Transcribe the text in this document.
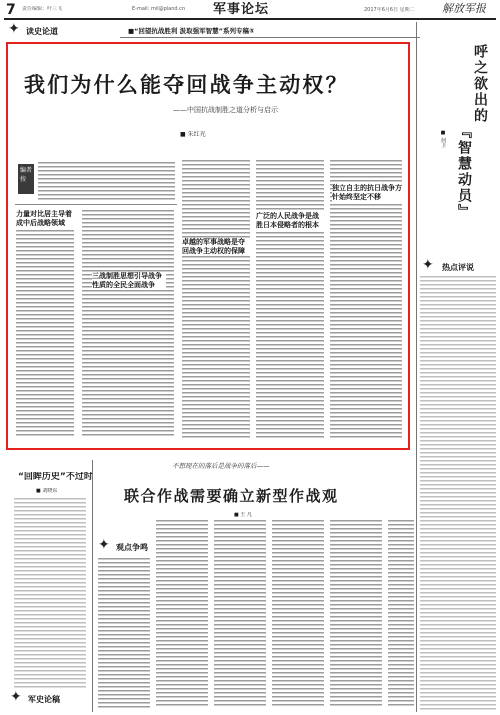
7 责任编辑：叶三飞	E-mail: mil@pland.cn 军事论坛	2017年6月6日 星期二 解放军报
✦ 读史论道	■“回望抗战胜利 汲取强军智慧”系列专稿⑤
我们为什么能夺回战争主动权？
——中国抗战制胜之道分析与启示
■ 朱红光
编者按
力量对比居主导着成中后战略领域
三战制胜思想引导战争性质的全民全面战争
卓越的军事战略是夺回战争主动权的保障
广泛的人民战争是战胜日本侵略者的根本
独立自主的抗日战争方针始终坚定不移
呼之欲出的
『智慧动员』
■ 何卫
✦ 热点评说
“回眸历史”不过时
■ 刘晓东
不想现在的落后是战争的落后——
联合作战需要确立新型作战观
■ 王 凡
✦ 观点争鸣
✦ 军史论稿
